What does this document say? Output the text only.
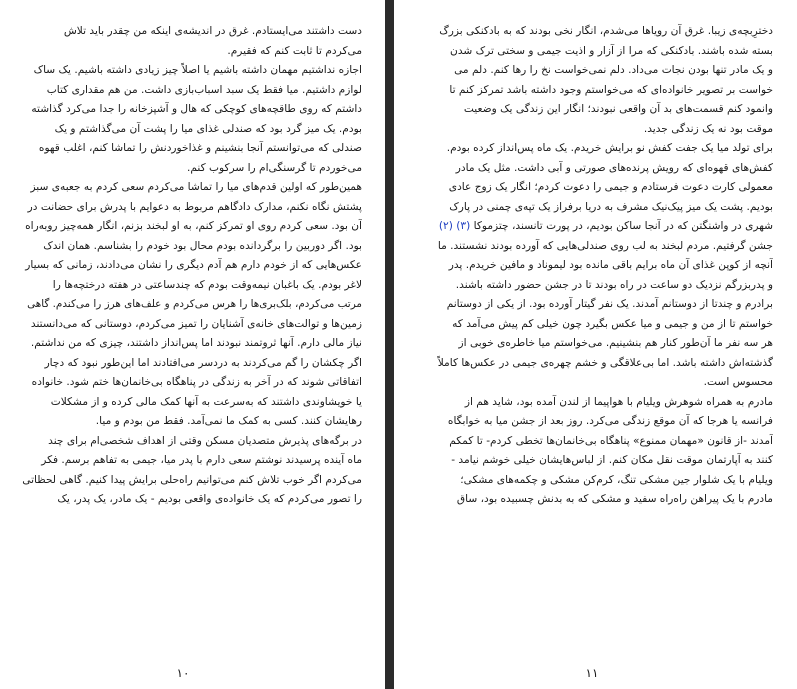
دست داشتند می‌ایستادم. غرق در اندیشه‌ی اینکه من چقدر باید تلاش
می‌کردم تا ثابت کنم که فقیرم.
اجازه نداشتیم مهمان داشته باشیم یا اصلاً چیز زیادی داشته باشیم. یک ساک
لوازم داشتیم. میا فقط یک سبد اسباب‌بازی داشت. من هم مقداری کتاب
داشتم که روی طاقچه‌های کوچکی که هال و آشپزخانه را جدا می‌کرد گذاشته
بودم. یک میز گرد بود که صندلی غذای میا را پشت آن می‌گذاشتم و یک
صندلی که می‌توانستم آنجا بنشینم و غذاخوردنش را تماشا کنم، اغلب قهوه
می‌خوردم تا گرسنگی‌ام را سرکوب کنم.
همین‌طور که اولین قدم‌های میا را تماشا می‌کردم سعی کردم به جعبه‌ی سبز
پشتش نگاه نکنم، مدارک دادگاهم مربوط به دعوایم با پدرش برای حضانت در
آن بود. سعی کردم روی او تمرکز کنم، به او لبخند بزنم، انگار همه‌چیز روبه‌راه
بود. اگر دوربین را برگردانده بودم محال بود خودم را بشناسم. همان اندک
عکس‌هایی که از خودم دارم هم آدم دیگری را نشان می‌دادند، زمانی که بسیار
لاغر بودم. یک باغبان نیمه‌وقت بودم که چندساعتی در هفته درختچه‌ها را
مرتب می‌کردم، بلک‌بری‌ها را هرس می‌کردم و علف‌های هرز را می‌کندم. گاهی
زمین‌ها و توالت‌های خانه‌ی آشنایان را تمیز می‌کردم، دوستانی که می‌دانستند
نیاز مالی دارم. آنها ثروتمند نبودند اما پس‌انداز داشتند، چیزی که من نداشتم.
اگر چکشان را گم می‌کردند به دردسر می‌افتادند اما این‌طور نبود که دچار
اتفاقاتی شوند که در آخر به زندگی در پناهگاه بی‌خانمان‌ها ختم شود. خانواده
یا خویشاوندی داشتند که به‌سرعت به آنها کمک مالی کرده و از مشکلات
رهایشان کنند. کسی به کمک ما نمی‌آمد. فقط من بودم و میا.
در برگه‌های پذیرش متصدیان مسکن وقتی از اهداف شخصی‌ام برای چند
ماه آینده پرسیدند نوشتم سعی دارم با پدر میا، جیمی به تفاهم برسم. فکر
می‌کردم اگر خوب تلاش کنم می‌توانیم راه‌حلی برایش پیدا کنیم. گاهی لحظاتی
را تصور می‌کردم که یک خانواده‌ی واقعی بودیم - یک مادر، یک پدر، یک
۱۰
دخترِبچه‌ی زیبا. غرق آن رویاها می‌شدم، انگار نخی بودند که به بادکنکی بزرگ
بسته شده باشند. بادکنکی که مرا از آزار و اذیت جیمی و سختی ترک شدن
و یک مادر تنها بودن نجات می‌داد. دلم نمی‌خواست نخ را رها کنم. دلم می
خواست بر تصویر خانواده‌ای که می‌خواستم وجود داشته باشد تمرکز کنم تا
وانمود کنم قسمت‌های بد آن واقعی نبودند؛ انگار این زندگی یک وضعیت
موقت بود نه یک زندگی جدید.
برای تولد میا یک جفت کفش نو برایش خریدم. یک ماه پس‌انداز کرده بودم.
کفش‌های قهوه‌ای که رویش پرنده‌های صورتی و آبی داشت. مثل یک مادر
معمولی کارت دعوت فرستادم و جیمی را دعوت کردم؛ انگار یک زوج عادی
بودیم. پشت یک میز پیک‌نیک مشرف به دریا برفراز یک تپه‌ی چمنی در پارک
شهری در واشنگتن که در آنجا ساکن بودیم، در پورت تانسند، چتزموکا (۳) (۲)
جشن گرفتیم. مردم لبخند به لب روی صندلی‌هایی که آورده بودند نشستند. ما
آنچه از کوپن غذای آن ماه برایم باقی مانده بود لیموناد و مافین خریدم. پدر
و پدربزرگم نزدیک دو ساعت در راه بودند تا در جشن حضور داشته باشند.
برادرم و چندتا از دوستانم آمدند. یک نفر گیتار آورده بود. از یکی از دوستانم
خواستم تا از من و جیمی و میا عکس بگیرد چون خیلی کم پیش می‌آمد که
هر سه نفر ما آن‌طور کنار هم بنشینیم. می‌خواستم میا خاطره‌ی خوبی از
گذشته‌اش داشته باشد. اما بی‌علاقگی و خشم چهره‌ی جیمی در عکس‌ها کاملاً
محسوس است.
مادرم به همراه شوهرش ویلیام با هواپیما از لندن آمده بود، شاید هم از
فرانسه یا هرجا که آن موقع زندگی می‌کرد. روز بعد از جشن میا به خوابگاه
آمدند -از قانون «مهمان ممنوع» پناهگاه بی‌خانمان‌ها تخطی کردم- تا کمکم
کنند به آپارتمان موقت نقل مکان کنم. از لباس‌هایشان خیلی خوشم نیامد -
ویلیام با یک شلوار جین مشکی تنگ، کرم‌کن مشکی و چکمه‌های مشکی؛
مادرم با یک پیراهن راه‌راه سفید و مشکی که به بدنش چسبیده بود، ساق
۱۱
